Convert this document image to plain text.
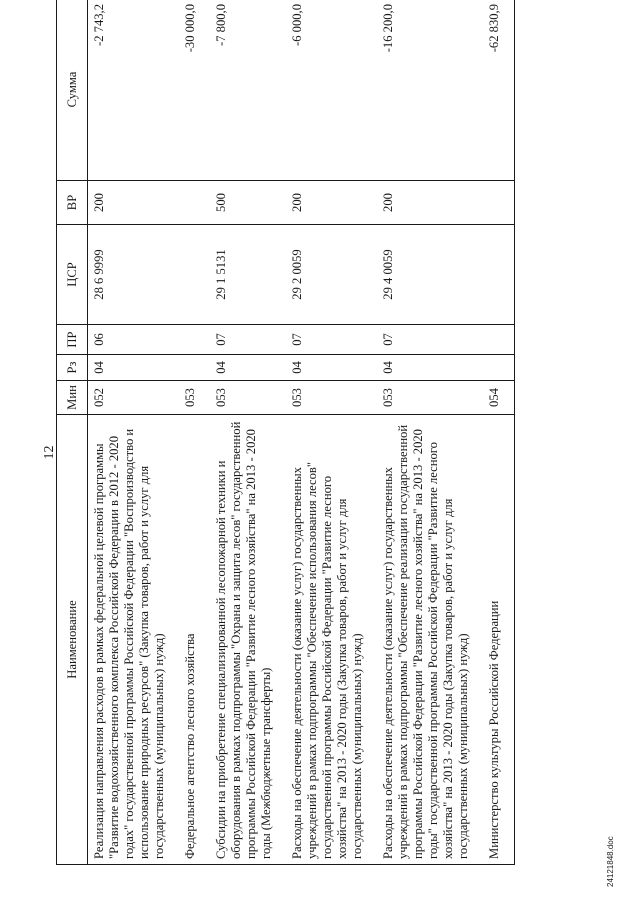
12
Наименование	Мин	Рз	ПР	ЦСР	ВР	Сумма
Реализация направления расходов в рамках федеральной целевой программы "Развитие водохозяйственного комплекса Российской Федерации в 2012 - 2020 годах" государственной программы Российской Федерации "Воспроизводство и использование природных ресурсов" (Закупка товаров, работ и услуг для государственных (муниципальных) нужд)	052	04	06	28 6 9999	200	-2 743,2
Федеральное агентство лесного хозяйства	053					-30 000,0
Субсидии на приобретение специализированной лесопожарной техники и оборудования в рамках подпрограммы "Охрана и защита лесов" государственной программы Российской Федерации "Развитие лесного хозяйства" на 2013 - 2020 годы (Межбюджетные трансферты)	053	04	07	29 1 5131	500	-7 800,0
Расходы на обеспечение деятельности (оказание услуг) государственных учреждений в рамках подпрограммы "Обеспечение использования лесов" государственной программы Российской Федерации "Развитие лесного хозяйства" на 2013 - 2020 годы (Закупка товаров, работ и услуг для государственных (муниципальных) нужд)	053	04	07	29 2 0059	200	-6 000,0
Расходы на обеспечение деятельности (оказание услуг) государственных учреждений в рамках подпрограммы "Обеспечение реализации государственной программы Российской Федерации "Развитие лесного хозяйства" на 2013 - 2020 годы" государственной программы Российской Федерации "Развитие лесного хозяйства" на 2013 - 2020 годы (Закупка товаров, работ и услуг для государственных (муниципальных) нужд)	053	04	07	29 4 0059	200	-16 200,0
Министерство культуры Российской Федерации	054					-62 830,9
24121848.doc
